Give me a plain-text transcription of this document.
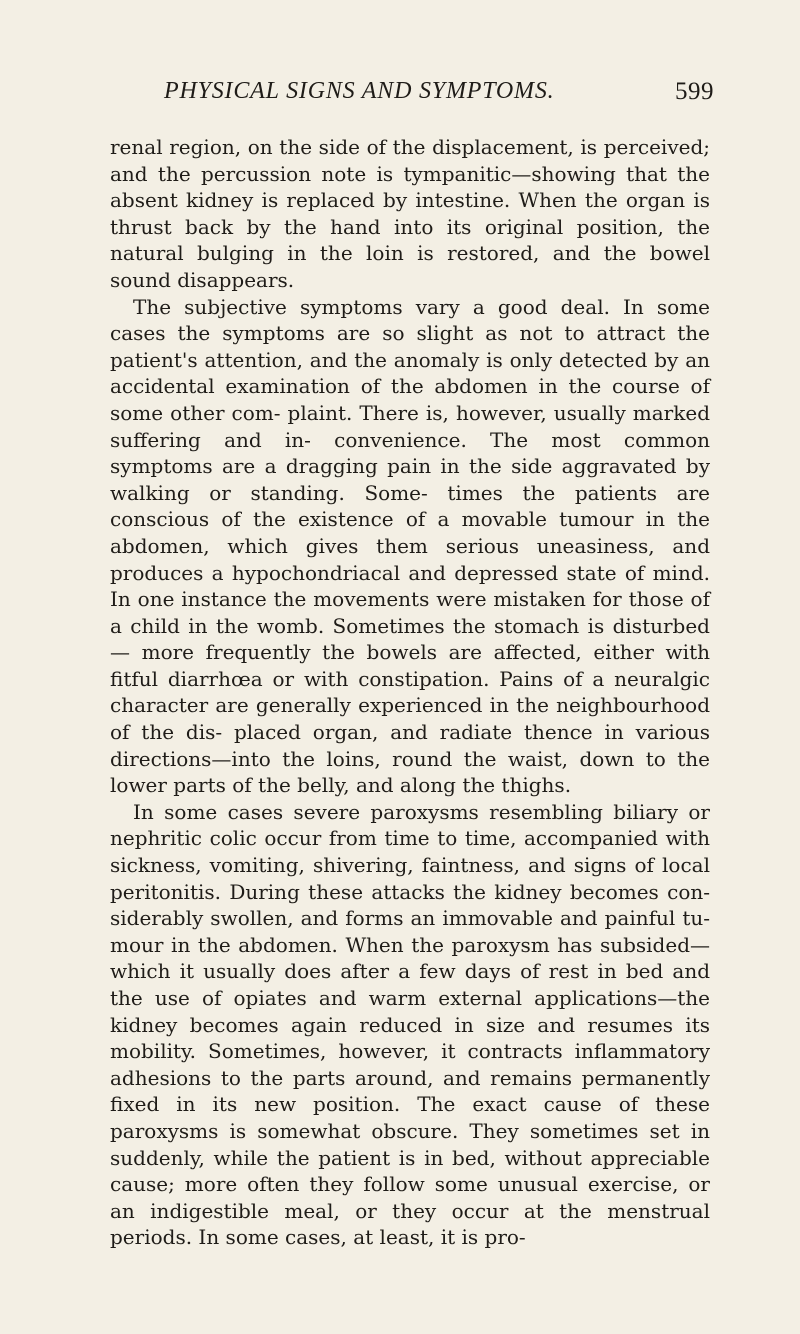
PHYSICAL SIGNS AND SYMPTOMS.	599

renal region, on the side of the displacement, is perceived; and the percussion note is tympanitic—showing that the absent kidney is replaced by intestine. When the organ is thrust back by the hand into its original position, the natural bulging in the loin is restored, and the bowel sound disappears.

The subjective symptoms vary a good deal. In some cases the symptoms are so slight as not to attract the patient's attention, and the anomaly is only detected by an accidental examination of the abdomen in the course of some other com- plaint. There is, however, usually marked suffering and in- convenience. The most common symptoms are a dragging pain in the side aggravated by walking or standing. Some- times the patients are conscious of the existence of a movable tumour in the abdomen, which gives them serious uneasiness, and produces a hypochondriacal and depressed state of mind. In one instance the movements were mistaken for those of a child in the womb. Sometimes the stomach is disturbed— more frequently the bowels are affected, either with fitful diarrhœa or with constipation. Pains of a neuralgic character are generally experienced in the neighbourhood of the dis- placed organ, and radiate thence in various directions—into the loins, round the waist, down to the lower parts of the belly, and along the thighs.

In some cases severe paroxysms resembling biliary or nephritic colic occur from time to time, accompanied with sickness, vomiting, shivering, faintness, and signs of local peritonitis. During these attacks the kidney becomes con- siderably swollen, and forms an immovable and painful tu- mour in the abdomen. When the paroxysm has subsided— which it usually does after a few days of rest in bed and the use of opiates and warm external applications—the kidney becomes again reduced in size and resumes its mobility. Sometimes, however, it contracts inflammatory adhesions to the parts around, and remains permanently fixed in its new position. The exact cause of these paroxysms is somewhat obscure. They sometimes set in suddenly, while the patient is in bed, without appreciable cause; more often they follow some unusual exercise, or an indigestible meal, or they occur at the menstrual periods. In some cases, at least, it is pro-
